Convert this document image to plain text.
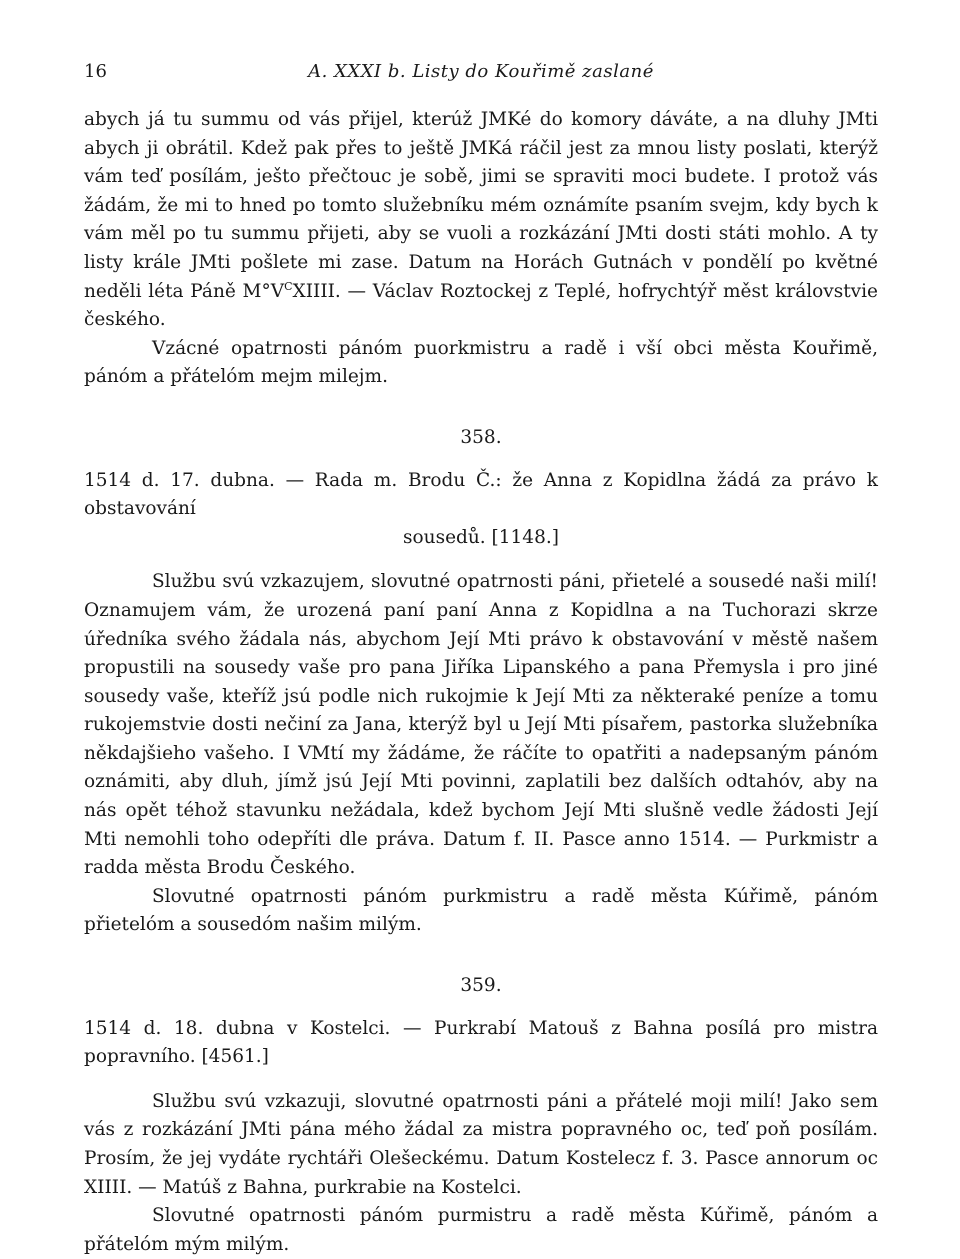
16	A. XXXI b. Listy do Kouřimě zaslané

abych já tu summu od vás přijel, kterúž JMKé do komory dáváte, a na dluhy JMti abych ji obrátil. Kdež pak přes to ještě JMKá ráčil jest za mnou listy poslati, kterýž vám teď posílám, ješto přečtouc je sobě, jimi se spraviti moci budete. I protož vás žádám, že mi to hned po tomto služebníku mém oznámíte psaním svejm, kdy bych k vám měl po tu summu přijeti, aby se vuoli a rozkázání JMti dosti státi mohlo. A ty listy krále JMti pošlete mi zase. Datum na Horách Gutnách v pondělí po květné neděli léta Páně $M^\circ V^CXIIII$. — Václav Roztockej z Teplé, hofrychtýř měst královstvie českého.

Vzácné opatrnosti pánóm puorkmistru a radě i vší obci města Kouřimě, pánóm a přátelóm mejm milejm.

358.
1514 d. 17. dubna. — Rada m. Brodu Č.: že Anna z Kopidlna žádá za právo k obstavování
sousedů. [1148.]

Službu svú vzkazujem, slovutné opatrnosti páni, přietelé a sousedé naši milí! Oznamujem vám, že urozená paní paní Anna z Kopidlna a na Tuchorazi skrze úředníka svého žádala nás, abychom Její Mti právo k obstavování v městě našem propustili na sousedy vaše pro pana Jiříka Lipanského a pana Přemysla i pro jiné sousedy vaše, kteříž jsú podle nich rukojmie k Její Mti za některaké peníze a tomu rukojemstvie dosti nečiní za Jana, kterýž byl u Její Mti písařem, pastorka služebníka někdajšieho vašeho. I VMtí my žádáme, že ráčíte to opatřiti a nadepsaným pánóm oznámiti, aby dluh, jímž jsú Její Mti povinni, zaplatili bez dalších odtahóv, aby na nás opět téhož stavunku nežádala, kdež bychom Její Mti slušně vedle žádosti Její Mti nemohli toho odepříti dle práva. Datum f. II. Pasce anno 1514. — Purkmistr a radda města Brodu Českého.

Slovutné opatrnosti pánóm purkmistru a radě města Kúřimě, pánóm přietelóm a sousedóm našim milým.

359.
1514 d. 18. dubna v Kostelci. — Purkrabí Matouš z Bahna posílá pro mistra popravního. [4561.]

Službu svú vzkazuji, slovutné opatrnosti páni a přátelé moji milí! Jako sem vás z rozkázání JMti pána mého žádal za mistra popravného oc, teď poň posílám. Prosím, že jej vydáte rychtáři Olešeckému. Datum Kostelecz f. 3. Pasce annorum oc XIIII. — Matúš z Bahna, purkrabie na Kostelci.

Slovutné opatrnosti pánóm purmistru a radě města Kúřimě, pánóm a přátelóm mým milým.
